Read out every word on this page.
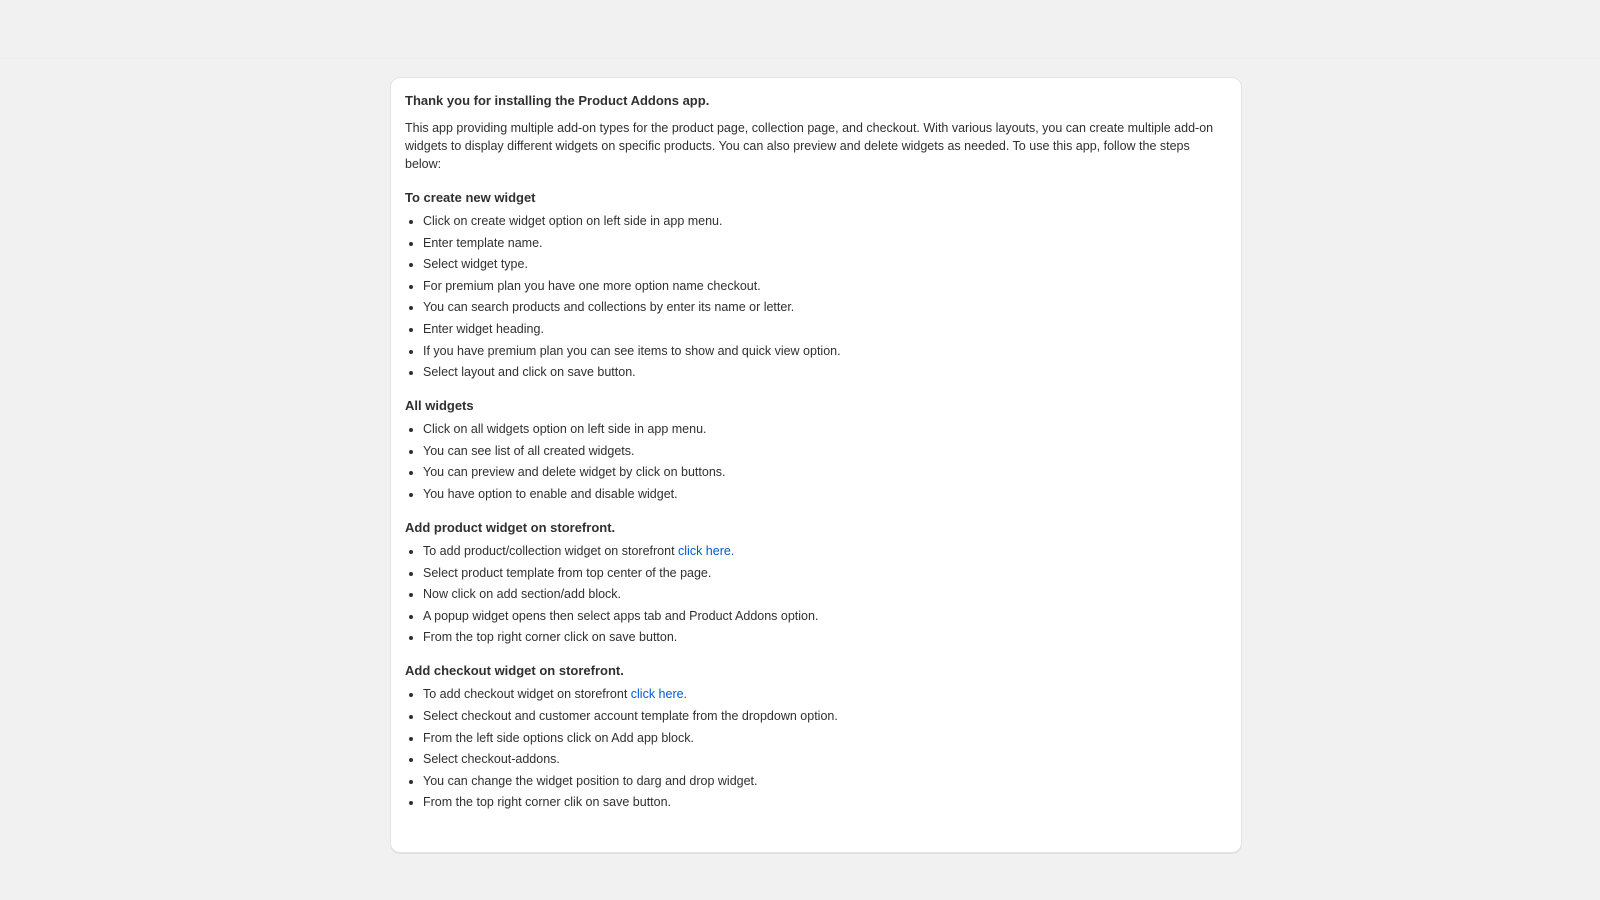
Thank you for installing the Product Addons app.

This app providing multiple add-on types for the product page, collection page, and checkout. With various layouts, you can create multiple add-on widgets to display different widgets on specific products. You can also preview and delete widgets as needed. To use this app, follow the steps below:

To create new widget
• Click on create widget option on left side in app menu.
• Enter template name.
• Select widget type.
• For premium plan you have one more option name checkout.
• You can search products and collections by enter its name or letter.
• Enter widget heading.
• If you have premium plan you can see items to show and quick view option.
• Select layout and click on save button.
All widgets
• Click on all widgets option on left side in app menu.
• You can see list of all created widgets.
• You can preview and delete widget by click on buttons.
• You have option to enable and disable widget.
Add product widget on storefront.
• To add product/collection widget on storefront click here.
• Select product template from top center of the page.
• Now click on add section/add block.
• A popup widget opens then select apps tab and Product Addons option.
• From the top right corner click on save button.
Add checkout widget on storefront.
• To add checkout widget on storefront click here.
• Select checkout and customer account template from the dropdown option.
• From the left side options click on Add app block.
• Select checkout-addons.
• You can change the widget position to darg and drop widget.
• From the top right corner clik on save button.
